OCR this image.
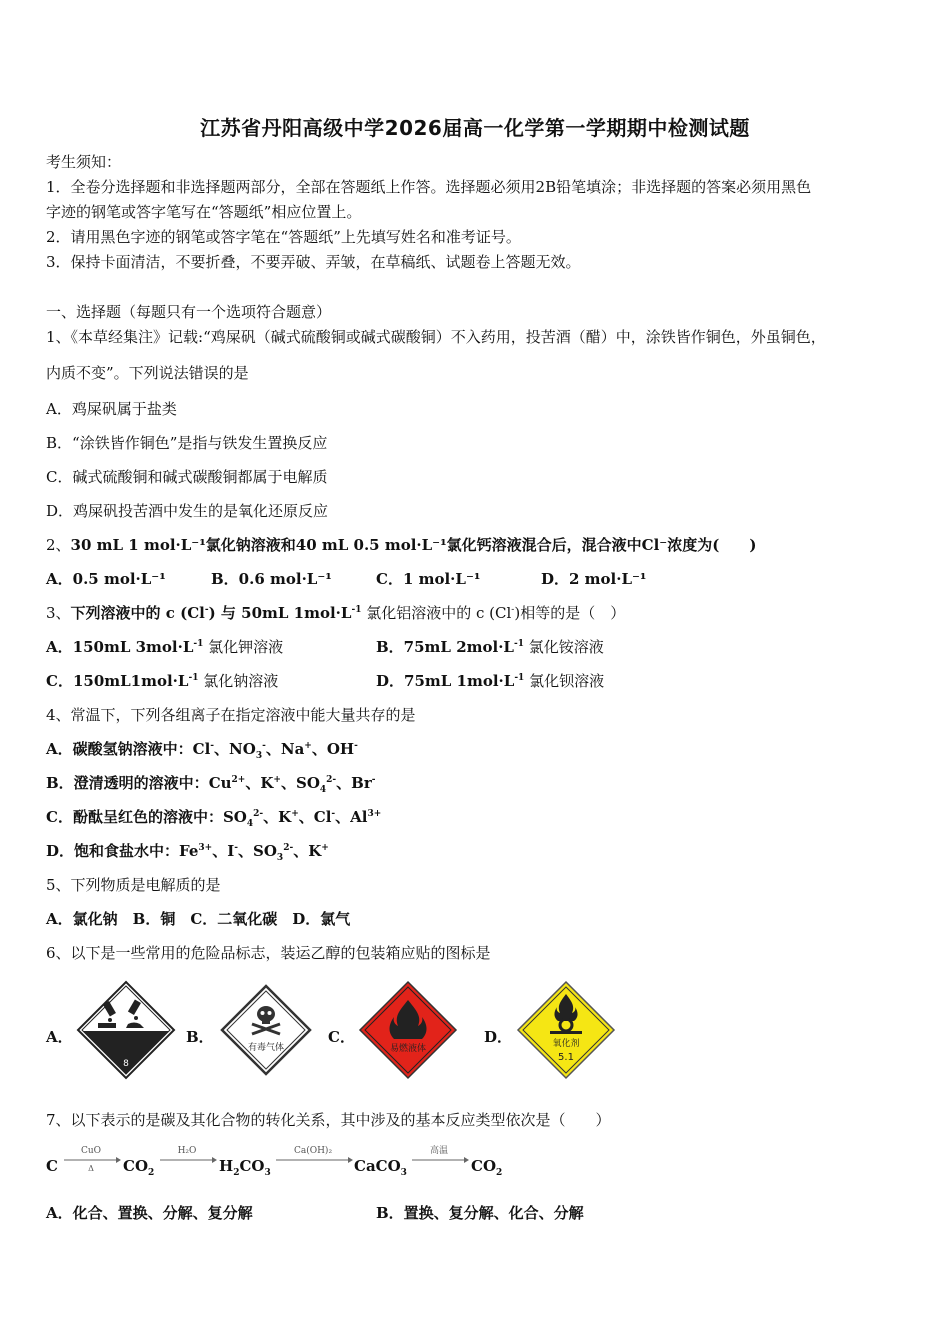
江苏省丹阳高级中学2026届高一化学第一学期期中检测试题
考生须知：
1．全卷分选择题和非选择题两部分，全部在答题纸上作答。选择题必须用2B铅笔填涂；非选择题的答案必须用黑色
字迹的钢笔或答字笔写在“答题纸”相应位置上。
2．请用黑色字迹的钢笔或答字笔在“答题纸”上先填写姓名和准考证号。
3．保持卡面清洁，不要折叠，不要弄破、弄皱，在草稿纸、试题卷上答题无效。
一、选择题（每题只有一个选项符合题意）
1、《本草经集注》记载:“鸡屎矾（碱式硫酸铜或碱式碳酸铜）不入药用，投苦酒（醋）中，涂铁皆作铜色，外虽铜色，
内质不变”。下列说法错误的是
A．鸡屎矾属于盐类
B．“涂铁皆作铜色”是指与铁发生置换反应
C．碱式硫酸铜和碱式碳酸铜都属于电解质
D．鸡屎矾投苦酒中发生的是氧化还原反应
2、30 mL 1 mol·L⁻¹氯化钠溶液和40 mL 0.5 mol·L⁻¹氯化钙溶液混合后，混合液中Cl⁻浓度为(　　)
A．0.5 mol·L⁻¹	B．0.6 mol·L⁻¹	C．1 mol·L⁻¹	D．2 mol·L⁻¹
3、下列溶液中的 c (Cl-) 与 50mL $1mol\cdot L^{-1}$ 氯化铝溶液中的 c (Cl-)相等的是（　）
A．150mL $3mol\cdot L^{-1}$ 氯化钾溶液	B．75mL $2mol\cdot L^{-1}$ 氯化铵溶液
C．$150mL1mol\cdot L^{-1}$ 氯化钠溶液	D．75mL $1mol\cdot L^{-1}$ 氯化钡溶液
4、常温下，下列各组离子在指定溶液中能大量共存的是
A．碳酸氢钠溶液中：Cl-、$NO_3^-$、Na+、OH-
B．澄清透明的溶液中：$Cu^{2+}$、K+、$SO_4^{2-}$、Br-
C．酚酞呈红色的溶液中：$SO_4^{2-}$、K+、Cl-、$Al^{3+}$
D．饱和食盐水中：$Fe^{3+}$、I-、$SO_3^{2-}$、K+
5、下列物质是电解质的是
A．氯化钠　B．铜　C．二氧化碳　D．氯气
6、以下是一些常用的危险品标志，装运乙醇的包装箱应贴的图标是
A．
8
B．
有毒气体
C．
易燃液体
D．	氧化剂
5.1
7、以下表示的是碳及其化合物的转化关系，其中涉及的基本反应类型依次是（　　）
C
CuO
Δ $CO_2$
H₂O
$H_2CO_3$
Ca(OH)₂
CaCO$_3$
高温
$CO_2$
A．化合、置换、分解、复分解	B．置换、复分解、化合、分解
